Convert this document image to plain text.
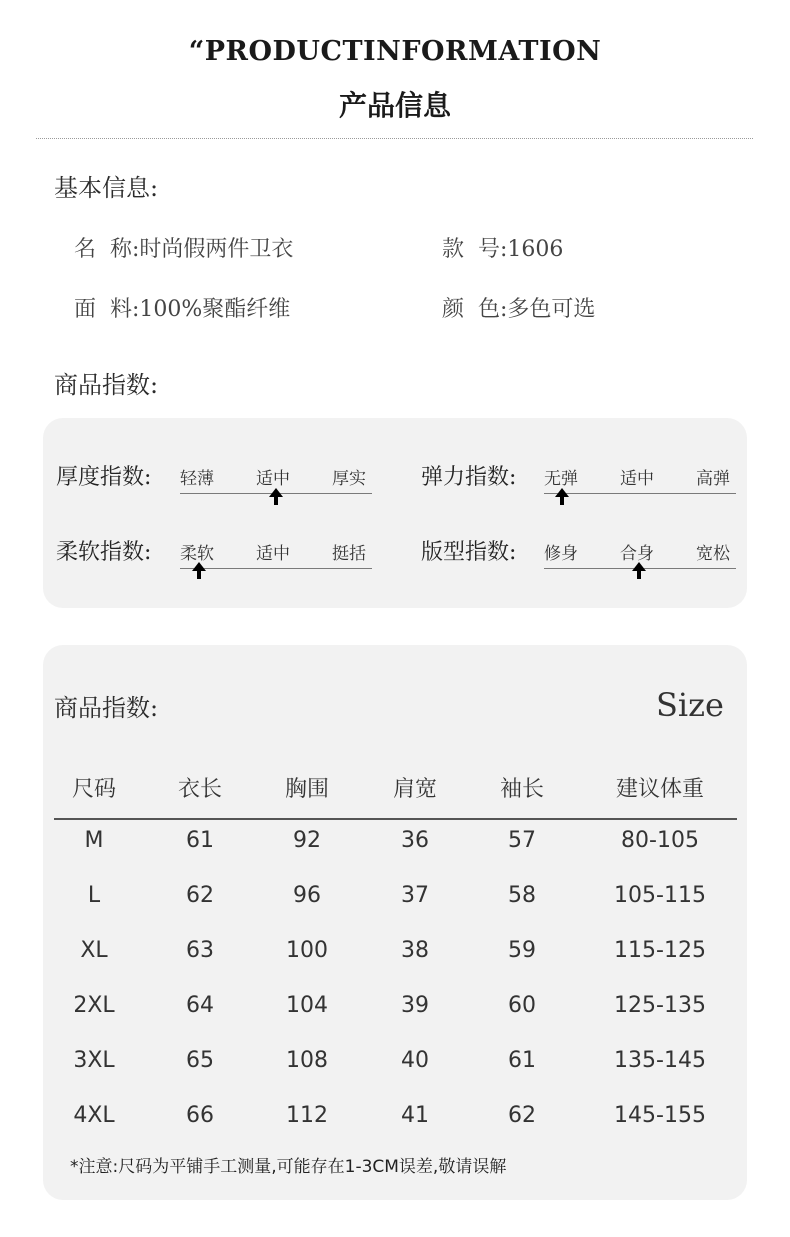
“PRODUCTINFORMATION
产品信息
基本信息:
名  称:时尚假两件卫衣	款  号:1606
面  料:100%聚酯纤维	颜  色:多色可选
商品指数:
厚度指数: 轻薄 适中 厚实	弹力指数: 无弹 适中 高弹
柔软指数: 柔软 适中 挺括	版型指数: 修身 合身 宽松
商品指数:	Size
尺码	衣长	胸围	肩宽	袖长	建议体重
M	61	92	36	57	80-105
L	62	96	37	58	105-115
XL	63	100	38	59	115-125
2XL	64	104	39	60	125-135
3XL	65	108	40	61	135-145
4XL	66	112	41	62	145-155
*注意:尺码为平铺手工测量,可能存在1-3CM误差,敬请误解
